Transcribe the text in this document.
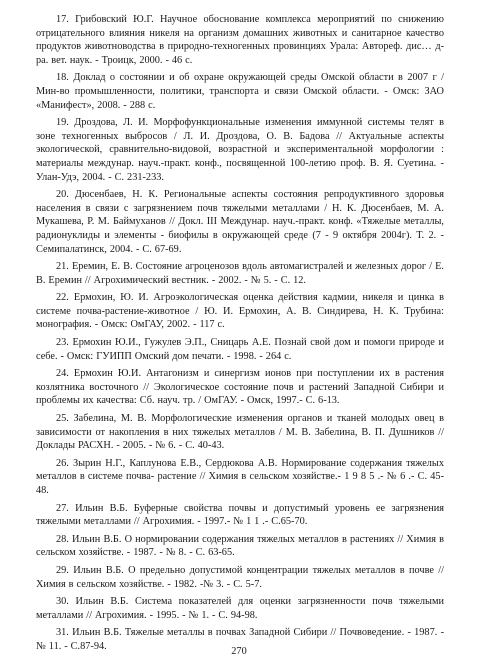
17. Грибовский Ю.Г. Научное обоснование комплекса мероприятий по снижению отрицательного влияния никеля на организм домашних животных и санитарное качество продуктов животноводства в природно-техногенных провинциях Урала: Автореф. дис… д-ра. вет. наук. - Троицк, 2000. - 46 с.

18. Доклад о состоянии и об охране окружающей среды Омской области в 2007 г / Мин-во промышленности, политики, транспорта и связи Омской области. - Омск: ЗАО «Манифест», 2008. - 288 с.

19. Дроздова, Л. И. Морфофункциональные изменения иммунной системы телят в зоне техногенных выбросов / Л. И. Дроздова, О. В. Бадова // Актуальные аспекты экологической, сравнительно-видовой, возрастной и экспериментальной морфологии : материалы междунар. науч.-практ. конф., посвященной 100-летию проф. В. Я. Суетина. - Улан-Удэ, 2004. - С. 231-233.

20. Дюсенбаев, Н. К. Региональные аспекты состояния репродуктивного здоровья населения в связи с загрязнением почв тяжелыми металлами / Н. К. Дюсенбаев, М. А. Мукашева, Р. М. Баймуханов // Докл. III Междунар. науч.-практ. конф. «Тяжелые металлы, радионуклиды и элементы - биофилы в окружающей среде (7 - 9 октября 2004г). Т. 2. - Семипалатинск, 2004. - С. 67-69.

21. Еремин, Е. В. Состояние агроценозов вдоль автомагистралей и железных дорог / Е. В. Еремин // Агрохимический вестник. - 2002. - № 5. - С. 12.

22. Ермохин, Ю. И. Агроэкологическая оценка действия кадмии, никеля и цинка в системе почва-растение-животное / Ю. И. Ермохин, А. В. Синдирева, Н. К. Трубина: монография. - Омск: ОмГАУ, 2002. - 117 с.

23. Ермохин Ю.И., Гужулев Э.П., Сницарь А.Е. Познай свой дом и помоги природе и себе. - Омск: ГУИПП Омский дом печати. - 1998. - 264 с.

24. Ермохин Ю.И. Антагонизм и синергизм ионов при поступлении их в растения козлятника восточного // Экологическое состояние почв и растений Западной Сибири и проблемы их качества: Сб. науч. тр. / ОмГАУ. - Омск, 1997.- С. 6-13.

25. Забелина, М. В. Морфологические изменения органов и тканей молодых овец в зависимости от накопления в них тяжелых металлов / М. В. Забелина, В. П. Душников // Доклады РАСХН. - 2005. - № 6. - С. 40-43.

26. Зырин Н.Г., Каплунова Е.В., Сердюкова А.В. Нормирование содержания тяжелых металлов в системе почва- растение // Химия в сельском хозяйстве.- 1 9 8 5 .- № 6 .- С. 45-48.

27. Ильин В.Б. Буферные свойства почвы и допустимый уровень ее загрязнения тяжелыми металлами // Агрохимия. - 1997.- № 1 1 .- С.65-70.

28. Ильин В.Б. О нормировании содержания тяжелых металлов в растениях // Химия в сельском хозяйстве. - 1987. - № 8. - С. 63-65.

29. Ильин В.Б. О предельно допустимой концентрации тяжелых металлов в почве // Химия в сельском хозяйстве. - 1982. -№ 3. - С. 5-7.

30. Ильин В.Б. Система показателей для оценки загрязненности почв тяжелыми металлами // Агрохимия. - 1995. - № 1. - С. 94-98.

31. Ильин В.Б. Тяжелые металлы в почвах Западной Сибири // Почвоведение. - 1987. - № 11. - С.87-94.	270
